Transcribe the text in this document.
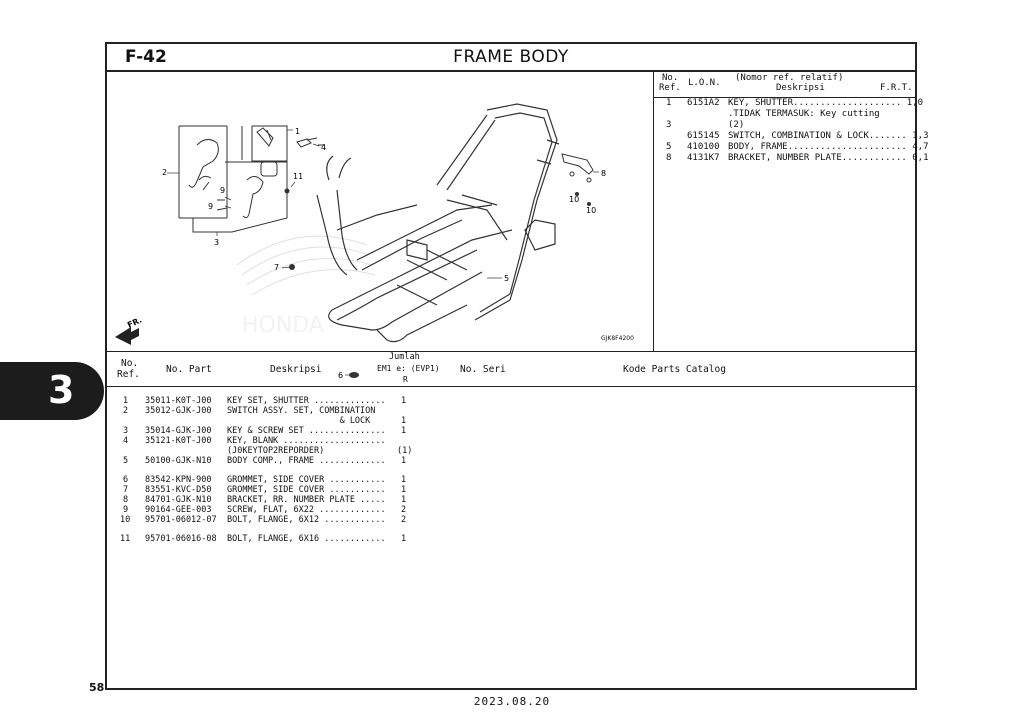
3
F-42	FRAME BODY
HONDA
2
1
4
11
9
9
3
7
6
5
8
10
10
FR.
GJK8F4200
No.
Ref. L.O.N. (Nomor ref. relatif)
Deskripsi	F.R.T.
1 6151A2 KEY, SHUTTER.................... 1,0
.TIDAK TERMASUK: Key cutting
3	(2)
615145 SWITCH, COMBINATION & LOCK....... 1,3
5 410100 BODY, FRAME...................... 4,7
8 4131K7 BRACKET, NUMBER PLATE............ 0,1
No.
Ref.	No. Part	Deskripsi
Jumlah
EM1 e: (EVP1)
R
No. Seri	Kode Parts Catalog
1 35011-K0T-J00 KEY SET, SHUTTER .............. 1
2 35012-GJK-J00 SWITCH ASSY. SET, COMBINATION
& LOCK	1
3 35014-GJK-J00 KEY & SCREW SET ............... 1
4 35121-K0T-J00 KEY, BLANK ....................
(J0KEYTOP2REPORDER)	(1)
5 50100-GJK-N10 BODY COMP., FRAME ............. 1
6 83542-KPN-900 GROMMET, SIDE COVER ........... 1
7 83551-KVC-D50 GROMMET, SIDE COVER ........... 1
8 84701-GJK-N10 BRACKET, RR. NUMBER PLATE ..... 1
9 90164-GEE-003 SCREW, FLAT, 6X22 ............. 2
10 95701-06012-07 BOLT, FLANGE, 6X12 ............ 2
11 95701-06016-08 BOLT, FLANGE, 6X16 ............ 1
58
2023.08.20
